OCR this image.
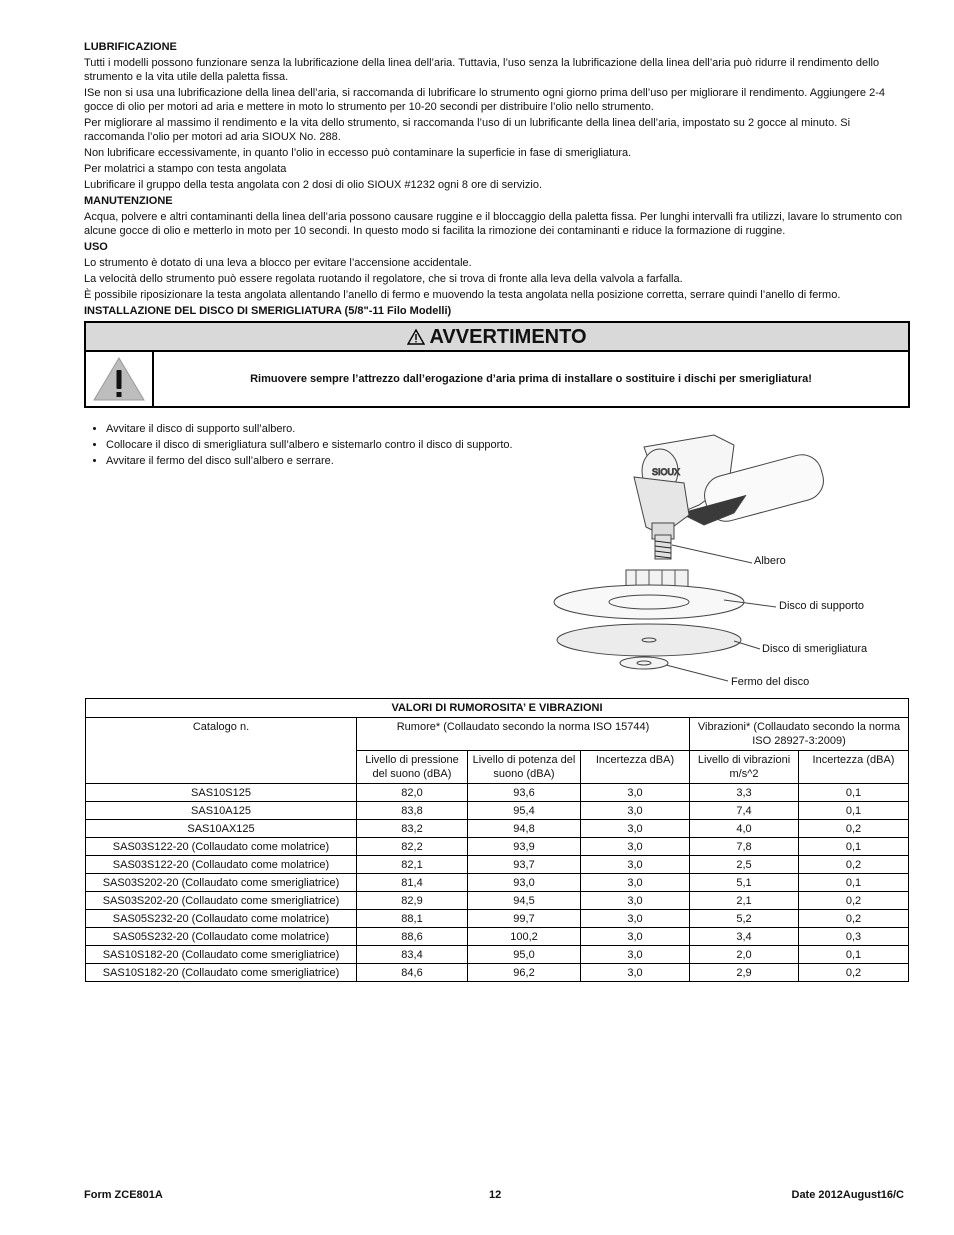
LUBRIFICAZIONE

Tutti i modelli possono funzionare senza la lubrificazione della linea dell’aria. Tuttavia, l’uso senza la lubrificazione della linea dell’aria può ridurre il rendimento dello strumento e la vita utile della paletta fissa.

ISe non si usa una lubrificazione della linea dell’aria, si raccomanda di lubrificare lo strumento ogni giorno prima dell’uso per migliorare il rendimento. Aggiungere 2-4 gocce di olio per motori ad aria e mettere in moto lo strumento per 10-20 secondi per distribuire l’olio nello strumento.

Per migliorare al massimo il rendimento e la vita dello strumento, si raccomanda l’uso di un lubrificante della linea dell’aria, impostato su 2 gocce al minuto. Si raccomanda l’olio per motori ad aria SIOUX No. 288.

Non lubrificare eccessivamente, in quanto l’olio in eccesso può contaminare la superficie in fase di smerigliatura.

Per molatrici a stampo con testa angolata

Lubrificare il gruppo della testa angolata con 2 dosi di olio SIOUX #1232 ogni 8 ore di servizio.

MANUTENZIONE

Acqua, polvere e altri contaminanti della linea dell’aria possono causare ruggine e il bloccaggio della paletta fissa. Per lunghi intervalli fra utilizzi, lavare lo strumento con alcune gocce di olio e metterlo in moto per 10 secondi. In questo modo si facilita la rimozione dei contaminanti e riduce la formazione di ruggine.

USO

Lo strumento è dotato di una leva a blocco per evitare l’accensione accidentale.

La velocità dello strumento può essere regolata ruotando il regolatore, che si trova di fronte alla leva della valvola a farfalla.

È possibile riposizionare la testa angolata allentando l’anello di fermo e muovendo la testa angolata nella posizione corretta, serrare quindi l’anello di fermo.

INSTALLAZIONE DEL DISCO DI SMERIGLIATURA (5/8"-11 Filo Modelli)
AVVERTIMENTO
Rimuovere sempre l’attrezzo dall’erogazione d’aria prima di installare o sostituire i dischi per smerigliatura!
• Avvitare il disco di supporto sull’albero.
• Collocare il disco di smerigliatura sull’albero e sistemarlo contro il disco di supporto.
• Avvitare il fermo del disco sull’albero e serrare.
SIOUX
Albero
Disco di supporto
Disco di smerigliatura
Fermo del disco
VALORI DI RUMOROSITA’ E VIBRAZIONI					
Catalogo n.	Rumore* (Collaudato secondo la norma ISO 15744)			Vibrazioni* (Collaudato secondo la norma ISO 28927-3:2009)	
	Livello di pressione del suono (dBA)	Livello di potenza del suono (dBA)	Incertezza dBA)	Livello di vibrazioni m/s^2	Incertezza (dBA)
SAS10S125	82,0	93,6	3,0	3,3	0,1
SAS10A125	83,8	95,4	3,0	7,4	0,1
SAS10AX125	83,2	94,8	3,0	4,0	0,2
SAS03S122-20 (Collaudato come molatrice)	82,2	93,9	3,0	7,8	0,1
SAS03S122-20 (Collaudato come molatrice)	82,1	93,7	3,0	2,5	0,2
SAS03S202-20 (Collaudato come smerigliatrice)	81,4	93,0	3,0	5,1	0,1
SAS03S202-20 (Collaudato come smerigliatrice)	82,9	94,5	3,0	2,1	0,2
SAS05S232-20 (Collaudato come molatrice)	88,1	99,7	3,0	5,2	0,2
SAS05S232-20 (Collaudato come molatrice)	88,6	100,2	3,0	3,4	0,3
SAS10S182-20 (Collaudato come smerigliatrice)	83,4	95,0	3,0	2,0	0,1
SAS10S182-20 (Collaudato come smerigliatrice)	84,6	96,2	3,0	2,9	0,2
Form ZCE801A	12	Date 2012August16/C
